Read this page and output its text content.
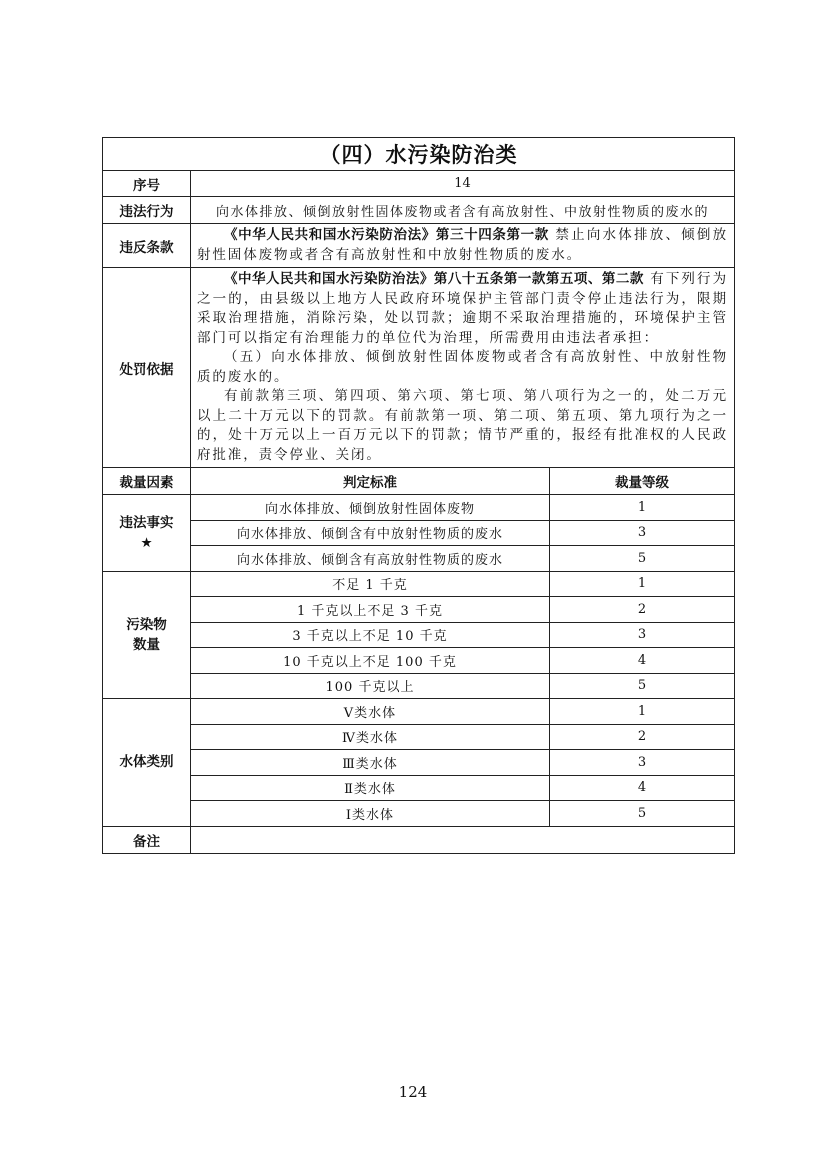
（四）水污染防治类		
序号	14	
违法行为	向水体排放、倾倒放射性固体废物或者含有高放射性、中放射性物质的废水的	
违反条款	《中华人民共和国水污染防治法》第三十四条第一款 禁止向水体排放、倾倒放射性固体废物或者含有高放射性和中放射性物质的废水。	

处罚依据	《中华人民共和国水污染防治法》第八十五条第一款第五项、第二款 有下列行为之一的，由县级以上地方人民政府环境保护主管部门责令停止违法行为，限期采取治理措施，消除污染，处以罚款；逾期不采取治理措施的，环境保护主管部门可以指定有治理能力的单位代为治理，所需费用由违法者承担：

（五）向水体排放、倾倒放射性固体废物或者含有高放射性、中放射性物质的废水的。

有前款第三项、第四项、第六项、第七项、第八项行为之一的，处二万元以上二十万元以下的罚款。有前款第一项、第二项、第五项、第九项行为之一的，处十万元以上一百万元以下的罚款；情节严重的，报经有批准权的人民政府批准，责令停业、关闭。	

裁量因素	判定标准	裁量等级
违法事实★	向水体排放、倾倒放射性固体废物	1
	向水体排放、倾倒含有中放射性物质的废水	3
	向水体排放、倾倒含有高放射性物质的废水	5
污染物数量	不足 1 千克	1
	1 千克以上不足 3 千克	2
	3 千克以上不足 10 千克	3
	10 千克以上不足 100 千克	4
	100 千克以上	5
水体类别	Ⅴ类水体	1
	Ⅳ类水体	2
	Ⅲ类水体	3
	Ⅱ类水体	4
	Ⅰ类水体	5
备注		
124
